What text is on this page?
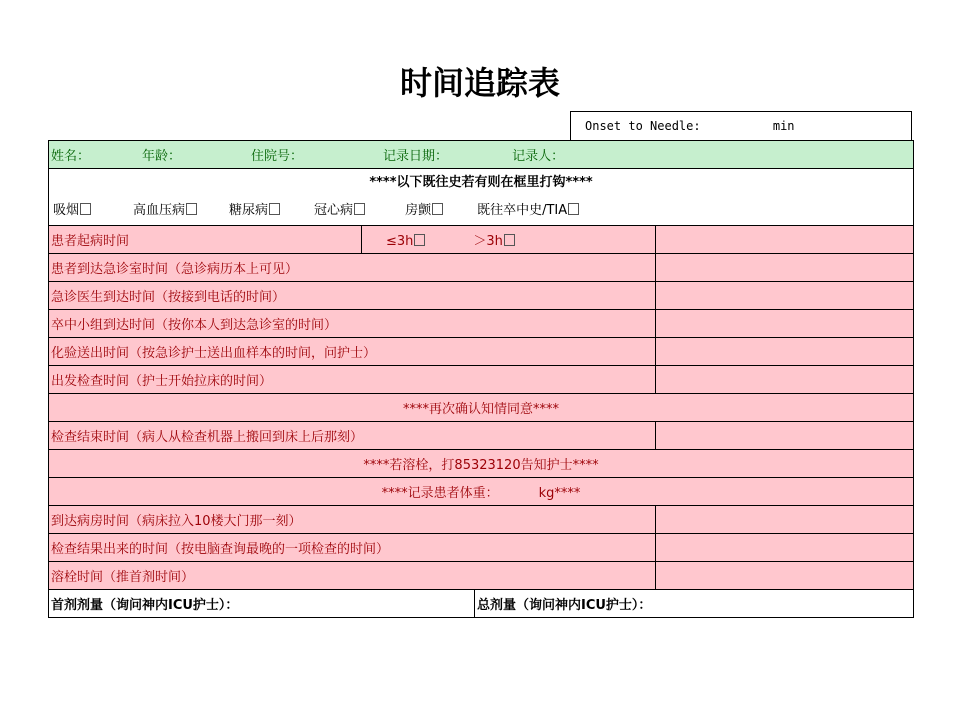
时间追踪表
Onset to Needle:	min
姓名： 年龄： 住院号： 记录日期： 记录人：			

****以下既往史若有则在框里打钩****
吸烟 高血压病 糖尿病 冠心病 房颤 既往卒中史/TIA			

患者起病时间	≤3h ＞3h		
患者到达急诊室时间（急诊病历本上可见）			
急诊医生到达时间（按接到电话的时间）			
卒中小组到达时间（按你本人到达急诊室的时间）			
化验送出时间（按急诊护士送出血样本的时间，问护士）			
出发检查时间（护士开始拉床的时间）			
****再次确认知情同意****			
检查结束时间（病人从检查机器上搬回到床上后那刻）			
****若溶栓，打85323120告知护士****			
****记录患者体重： kg****			
到达病房时间（病床拉入10楼大门那一刻）			
检查结果出来的时间（按电脑查询最晚的一项检查的时间）			
溶栓时间（推首剂时间）			
首剂剂量（询问神内ICU护士）：		总剂量（询问神内ICU护士）：	
